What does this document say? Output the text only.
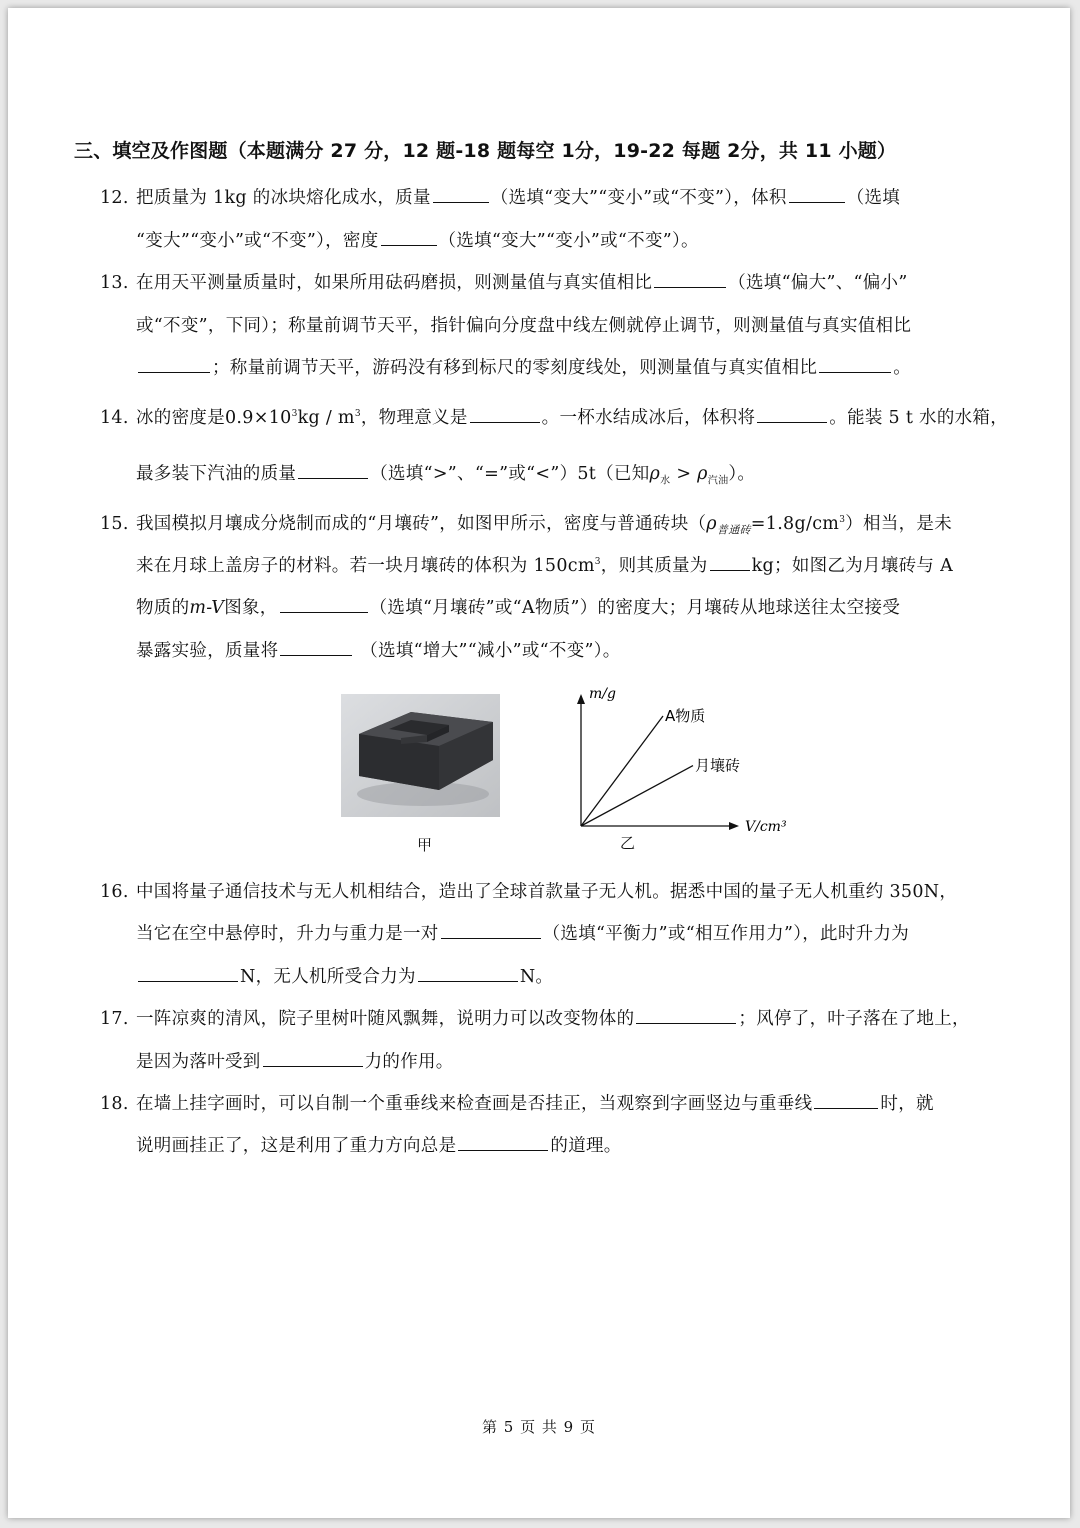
三、填空及作图题（本题满分 27 分，12 题-18 题每空 1分，19-22 每题 2分，共 11 小题）
12. 把质量为 1kg 的冰块熔化成水，质量	（选填“变大”“变小”或“不变”），体积	（选填
“变大”“变小”或“不变”），密度	（选填“变大”“变小”或“不变”）。
13. 在用天平测量质量时，如果所用砝码磨损，则测量值与真实值相比	（选填“偏大”、“偏小”
或“不变”，下同）；称量前调节天平，指针偏向分度盘中线左侧就停止调节，则测量值与真实值相比
；称量前调节天平，游码没有移到标尺的零刻度线处，则测量值与真实值相比	。
14. 冰的密度是$0.9\times 10^3kg / m^3$，物理意义是	。一杯水结成冰后，体积将	。能装 5 t 水的水箱，
最多装下汽油的质量	（选填“>”、“=”或“<”）5t（已知$\rho_水 > \rho_{汽油}$）。
15. 我国模拟月壤成分烧制而成的“月壤砖”，如图甲所示，密度与普通砖块$(\rho_{普通砖}=1.8g/cm^3)$相当，是未
来在月球上盖房子的材料。若一块月壤砖的体积为 $150cm^3$，则其质量为	kg；如图乙为月壤砖与 A
物质的m-V图象，	（选填“月壤砖”或“A物质”）的密度大；月壤砖从地球送往太空接受
暴露实验，质量将	（选填“增大”“减小”或“不变”）。
甲
m/g
V/cm³
A物质
月壤砖
乙
16. 中国将量子通信技术与无人机相结合，造出了全球首款量子无人机。据悉中国的量子无人机重约 350N，
当它在空中悬停时，升力与重力是一对	（选填“平衡力”或“相互作用力”），此时升力为
N，无人机所受合力为	N。
17. 一阵凉爽的清风，院子里树叶随风飘舞，说明力可以改变物体的	；风停了，叶子落在了地上，
是因为落叶受到	力的作用。
18. 在墙上挂字画时，可以自制一个重垂线来检查画是否挂正，当观察到字画竖边与重垂线	时，就
说明画挂正了，这是利用了重力方向总是	的道理。
第 5 页 共 9 页
